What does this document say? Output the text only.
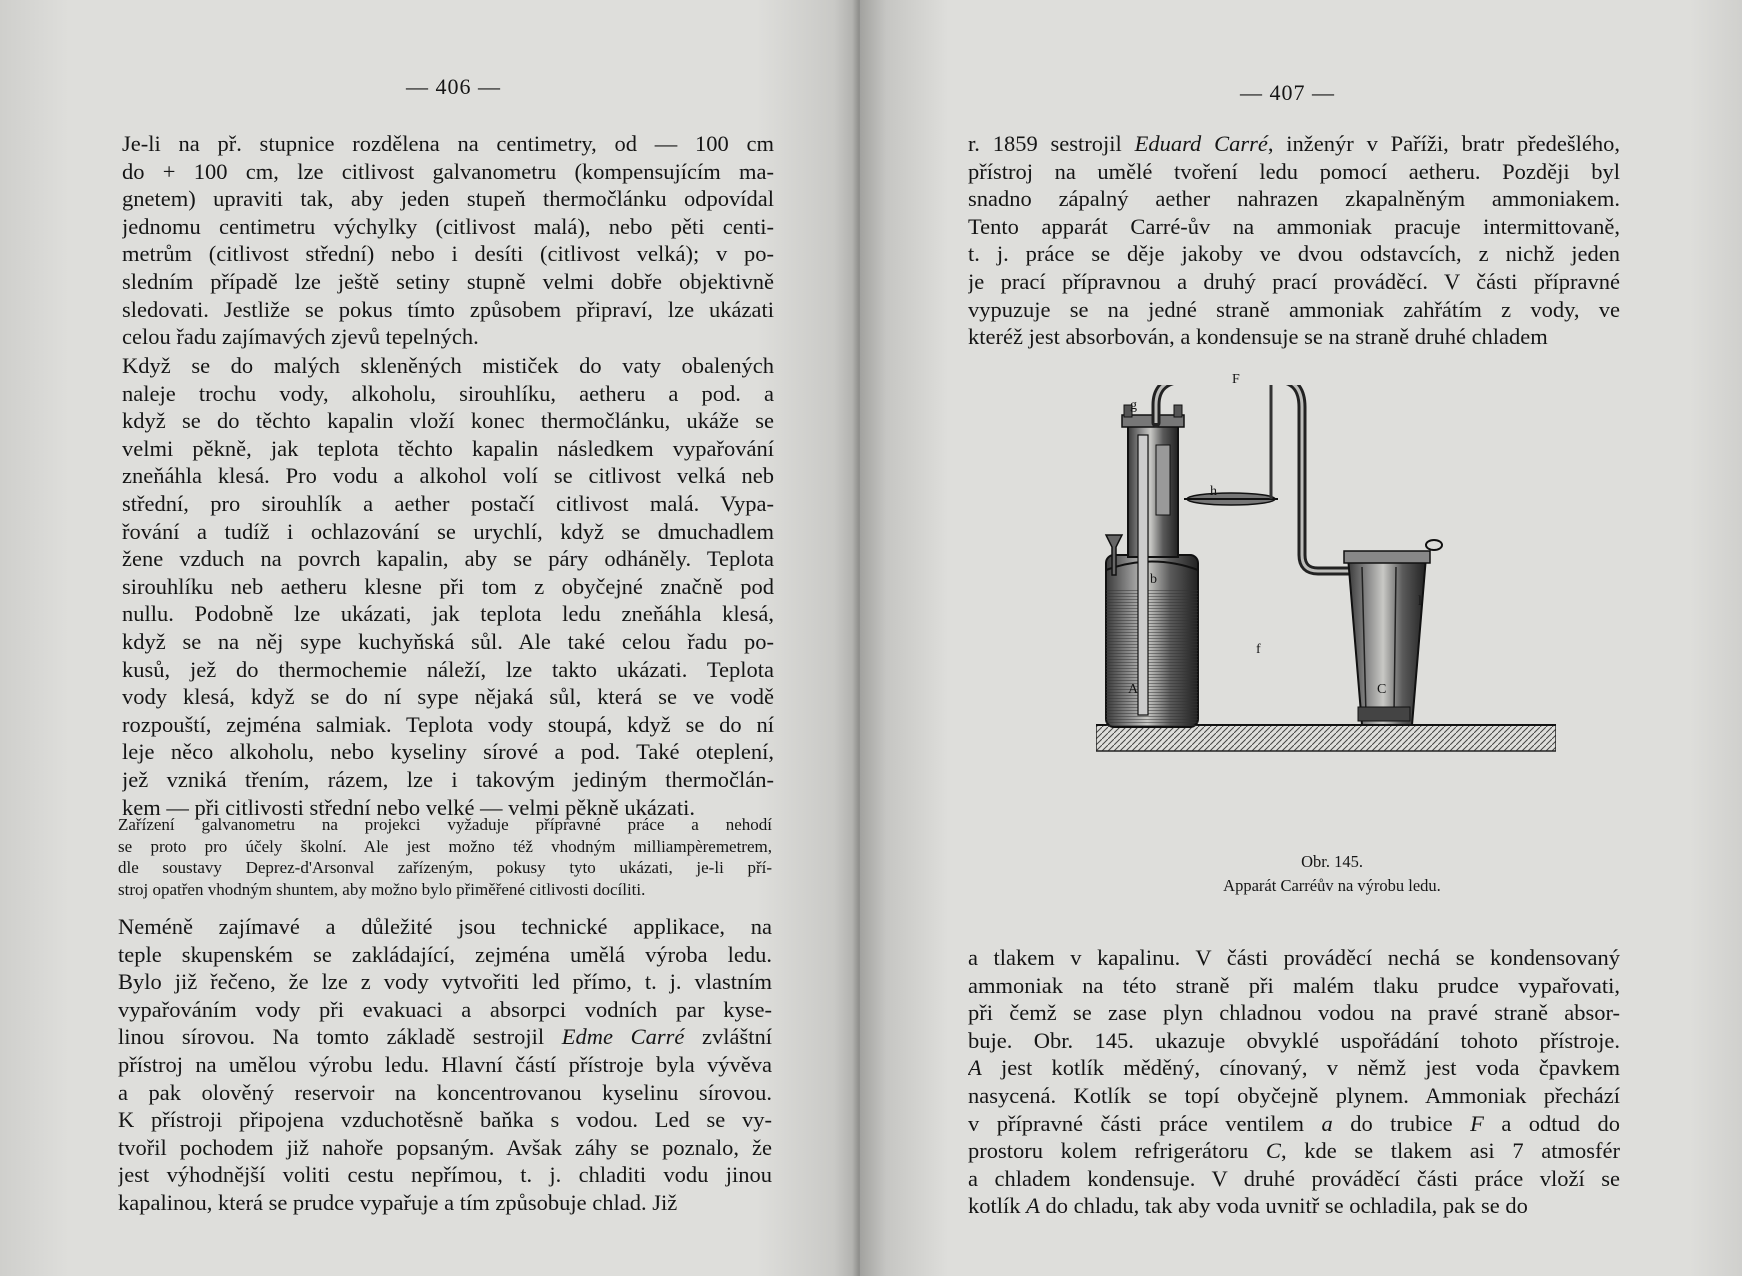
— 406 —

Je-li na př. stupnice rozdělena na centimetry, od — 100 cm
do + 100 cm, lze citlivost galvanometru (kompensujícím ma-
gnetem) upraviti tak, aby jeden stupeň thermočlánku odpovídal
jednomu centimetru výchylky (citlivost malá), nebo pěti centi-
metrům (citlivost střední) nebo i desíti (citlivost velká); v po-
sledním případě lze ještě setiny stupně velmi dobře objektivně
sledovati. Jestliže se pokus tímto způsobem připraví, lze ukázati
celou řadu zajímavých zjevů tepelných.

Když se do malých skleněných mističek do vaty obalených
naleje trochu vody, alkoholu, sirouhlíku, aetheru a pod. a
když se do těchto kapalin vloží konec thermočlánku, ukáže se
velmi pěkně, jak teplota těchto kapalin následkem vypařování
zneňáhla klesá. Pro vodu a alkohol volí se citlivost velká neb
střední, pro sirouhlík a aether postačí citlivost malá. Vypa-
řování a tudíž i ochlazování se urychlí, když se dmuchadlem
žene vzduch na povrch kapalin, aby se páry odháněly. Teplota
sirouhlíku neb aetheru klesne při tom z obyčejné značně pod
nullu. Podobně lze ukázati, jak teplota ledu zneňáhla klesá,
když se na něj sype kuchyňská sůl. Ale také celou řadu po-
kusů, jež do thermochemie náleží, lze takto ukázati. Teplota
vody klesá, když se do ní sype nějaká sůl, která se ve vodě
rozpouští, zejména salmiak. Teplota vody stoupá, když se do ní
leje něco alkoholu, nebo kyseliny sírové a pod. Také oteplení,
jež vzniká třením, rázem, lze i takovým jediným thermočlán-
kem — při citlivosti střední nebo velké — velmi pěkně ukázati.

Zařízení galvanometru na projekci vyžaduje přípravné práce a nehodí
se proto pro účely školní. Ale jest možno též vhodným milliampèremetrem,
dle soustavy Deprez-d'Arsonval zařízeným, pokusy tyto ukázati, je-li pří-
stroj opatřen vhodným shuntem, aby možno bylo přiměřené citlivosti docíliti.

Neméně zajímavé a důležité jsou technické applikace, na
teple skupenském se zakládající, zejména umělá výroba ledu.
Bylo již řečeno, že lze z vody vytvořiti led přímo, t. j. vlastním
vypařováním vody při evakuaci a absorpci vodních par kyse-
linou sírovou. Na tomto základě sestrojil Edme Carré zvláštní
přístroj na umělou výrobu ledu. Hlavní částí přístroje byla vývěva
a pak olověný reservoir na koncentrovanou kyselinu sírovou.
K přístroji připojena vzduchotěsně baňka s vodou. Led se vy-
tvořil pochodem již nahoře popsaným. Avšak záhy se poznalo, že
jest výhodnější voliti cestu nepřímou, t. j. chladiti vodu jinou
kapalinou, která se prudce vypařuje a tím způsobuje chlad. Již

— 407 —

r. 1859 sestrojil Eduard Carré, inženýr v Paříži, bratr předešlého,
přístroj na umělé tvoření ledu pomocí aetheru. Později byl
snadno zápalný aether nahrazen zkapalněným ammoniakem.
Tento apparát Carré-ův na ammoniak pracuje intermittovaně,
t. j. práce se děje jakoby ve dvou odstavcích, z nichž jeden
je prací přípravnou a druhý prací prováděcí. V části přípravné
vypuzuje se na jedné straně ammoniak zahřátím z vody, ve
kteréž jest absorbován, a kondensuje se na straně druhé chladem

F
g
h
b
A
f
l
C
Obr. 145.
Apparát Carréův na výrobu ledu.

a tlakem v kapalinu. V části prováděcí nechá se kondensovaný
ammoniak na této straně při malém tlaku prudce vypařovati,
při čemž se zase plyn chladnou vodou na pravé straně absor-
buje. Obr. 145. ukazuje obvyklé uspořádání tohoto přístroje.
A jest kotlík měděný, cínovaný, v němž jest voda čpavkem
nasycená. Kotlík se topí obyčejně plynem. Ammoniak přechází
v přípravné části práce ventilem a do trubice F a odtud do
prostoru kolem refrigerátoru C, kde se tlakem asi 7 atmosfér
a chladem kondensuje. V druhé prováděcí části práce vloží se
kotlík A do chladu, tak aby voda uvnitř se ochladila, pak se do
